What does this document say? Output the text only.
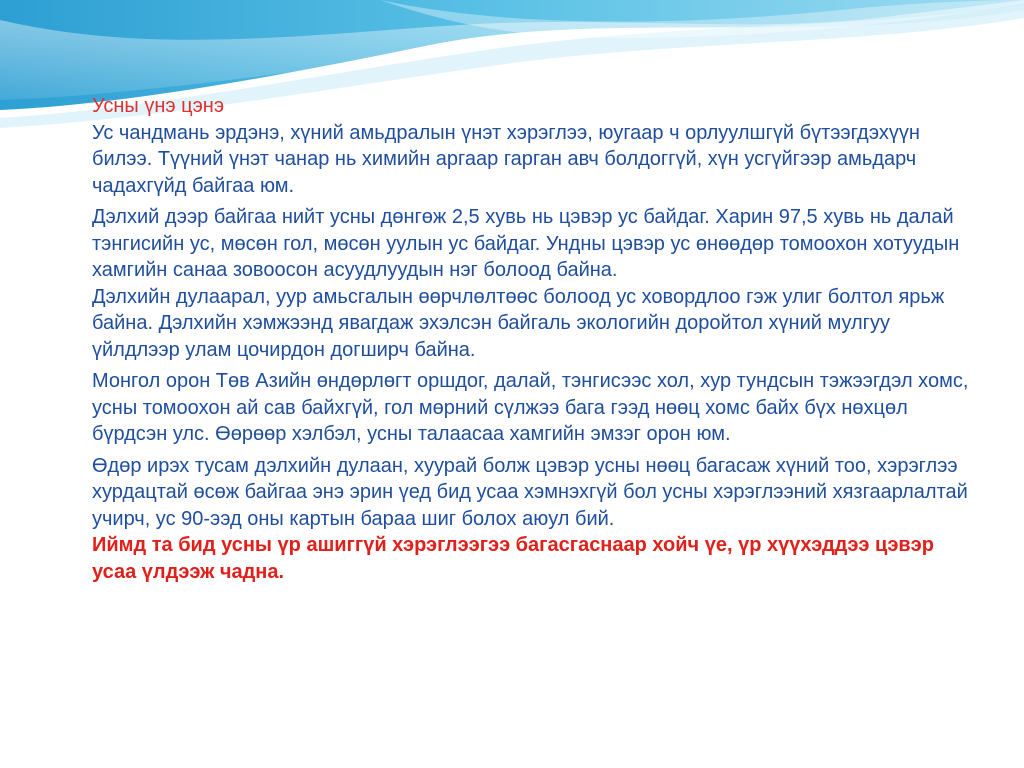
Усны үнэ цэнэ

Ус чандмань эрдэнэ, хүний амьдралын үнэт хэрэглээ, юугаар ч орлуулшгүй бүтээгдэхүүн билээ. Түүний үнэт чанар нь химийн аргаар гарган авч болдоггүй, хүн усгүйгээр амьдарч чадахгүйд байгаа юм.

Дэлхий дээр байгаа нийт усны дөнгөж 2,5 хувь нь цэвэр ус байдаг. Харин 97,5 хувь нь далай тэнгисийн ус, мөсөн гол, мөсөн уулын ус байдаг. Ундны цэвэр ус өнөөдөр томоохон хотуудын хамгийн санаа зовоосон асуудлуудын нэг болоод байна.

Дэлхийн дулаарал, уур амьсгалын өөрчлөлтөөс болоод ус ховордлоо гэж улиг болтол ярьж байна. Дэлхийн хэмжээнд явагдаж эхэлсэн байгаль экологийн доройтол хүний мулгуу үйлдлээр улам цочирдон догширч байна.

Монгол орон Төв Азийн өндөрлөгт оршдог, далай, тэнгисээс хол, хур тундсын тэжээгдэл хомс, усны томоохон ай сав байхгүй, гол мөрний сүлжээ бага гээд нөөц хомс байх бүх нөхцөл бүрдсэн улс. Өөрөөр хэлбэл, усны талаасаа хамгийн эмзэг орон юм.

Өдөр ирэх тусам дэлхийн дулаан, хуурай болж цэвэр усны нөөц багасаж хүний тоо, хэрэглээ хурдацтай өсөж байгаа энэ эрин үед бид усаа хэмнэхгүй бол усны хэрэглээний хязгаарлалтай учирч, ус 90-ээд оны картын бараа шиг болох аюул бий.

Иймд та бид усны үр ашиггүй хэрэглээгээ багасгаснаар хойч үе, үр хүүхэддээ цэвэр усаа үлдээж чадна.
